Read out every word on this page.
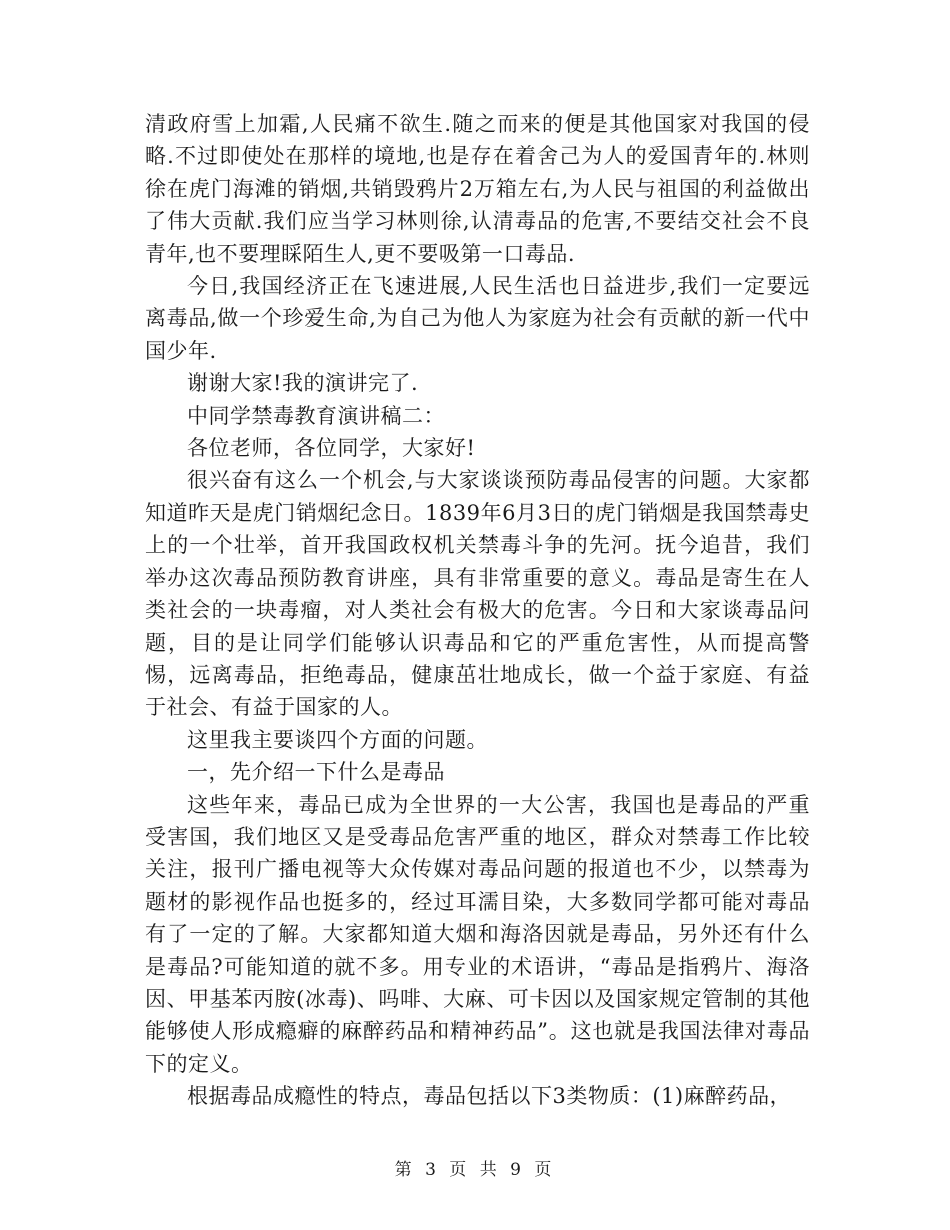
清政府雪上加霜,人民痛不欲生.随之而来的便是其他国家对我国的侵略.不过即使处在那样的境地,也是存在着舍己为人的爱国青年的.林则徐在虎门海滩的销烟,共销毁鸦片2万箱左右,为人民与祖国的利益做出了伟大贡献.我们应当学习林则徐,认清毒品的危害,不要结交社会不良青年,也不要理睬陌生人,更不要吸第一口毒品.

今日,我国经济正在飞速进展,人民生活也日益进步,我们一定要远离毒品,做一个珍爱生命,为自己为他人为家庭为社会有贡献的新一代中国少年.

谢谢大家!我的演讲完了.

中同学禁毒教育演讲稿二：

各位老师，各位同学，大家好!

很兴奋有这么一个机会,与大家谈谈预防毒品侵害的问题。大家都知道昨天是虎门销烟纪念日。1839年6月3日的虎门销烟是我国禁毒史上的一个壮举，首开我国政权机关禁毒斗争的先河。抚今追昔，我们举办这次毒品预防教育讲座，具有非常重要的意义。毒品是寄生在人类社会的一块毒瘤，对人类社会有极大的危害。今日和大家谈毒品问题，目的是让同学们能够认识毒品和它的严重危害性，从而提高警惕，远离毒品，拒绝毒品，健康茁壮地成长，做一个益于家庭、有益于社会、有益于国家的人。

这里我主要谈四个方面的问题。

一，先介绍一下什么是毒品

这些年来，毒品已成为全世界的一大公害，我国也是毒品的严重受害国，我们地区又是受毒品危害严重的地区，群众对禁毒工作比较关注，报刊广播电视等大众传媒对毒品问题的报道也不少，以禁毒为题材的影视作品也挺多的，经过耳濡目染，大多数同学都可能对毒品有了一定的了解。大家都知道大烟和海洛因就是毒品，另外还有什么是毒品?可能知道的就不多。用专业的术语讲，“毒品是指鸦片、海洛因、甲基苯丙胺(冰毒)、吗啡、大麻、可卡因以及国家规定管制的其他能够使人形成瘾癖的麻醉药品和精神药品”。这也就是我国法律对毒品下的定义。

根据毒品成瘾性的特点，毒品包括以下3类物质：(1)麻醉药品，

第 3 页 共 9 页
